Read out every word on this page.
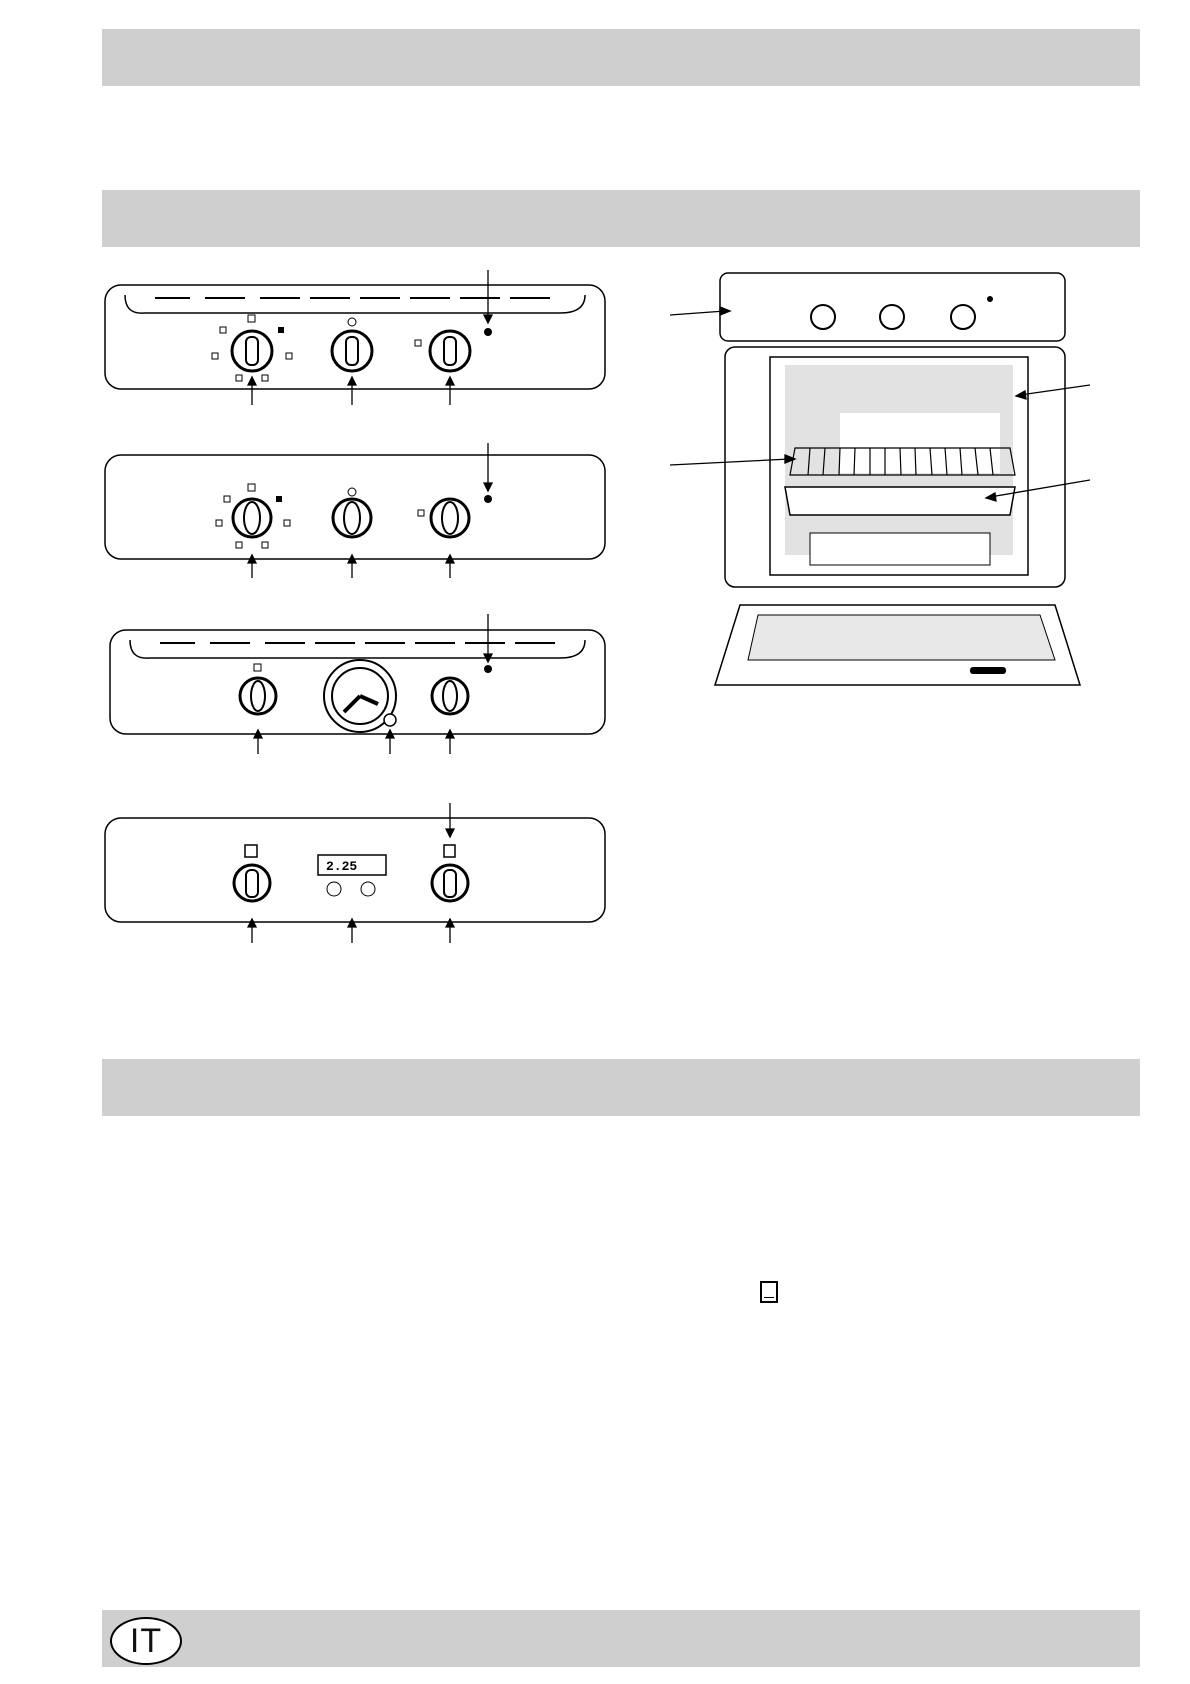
IT
2.25
